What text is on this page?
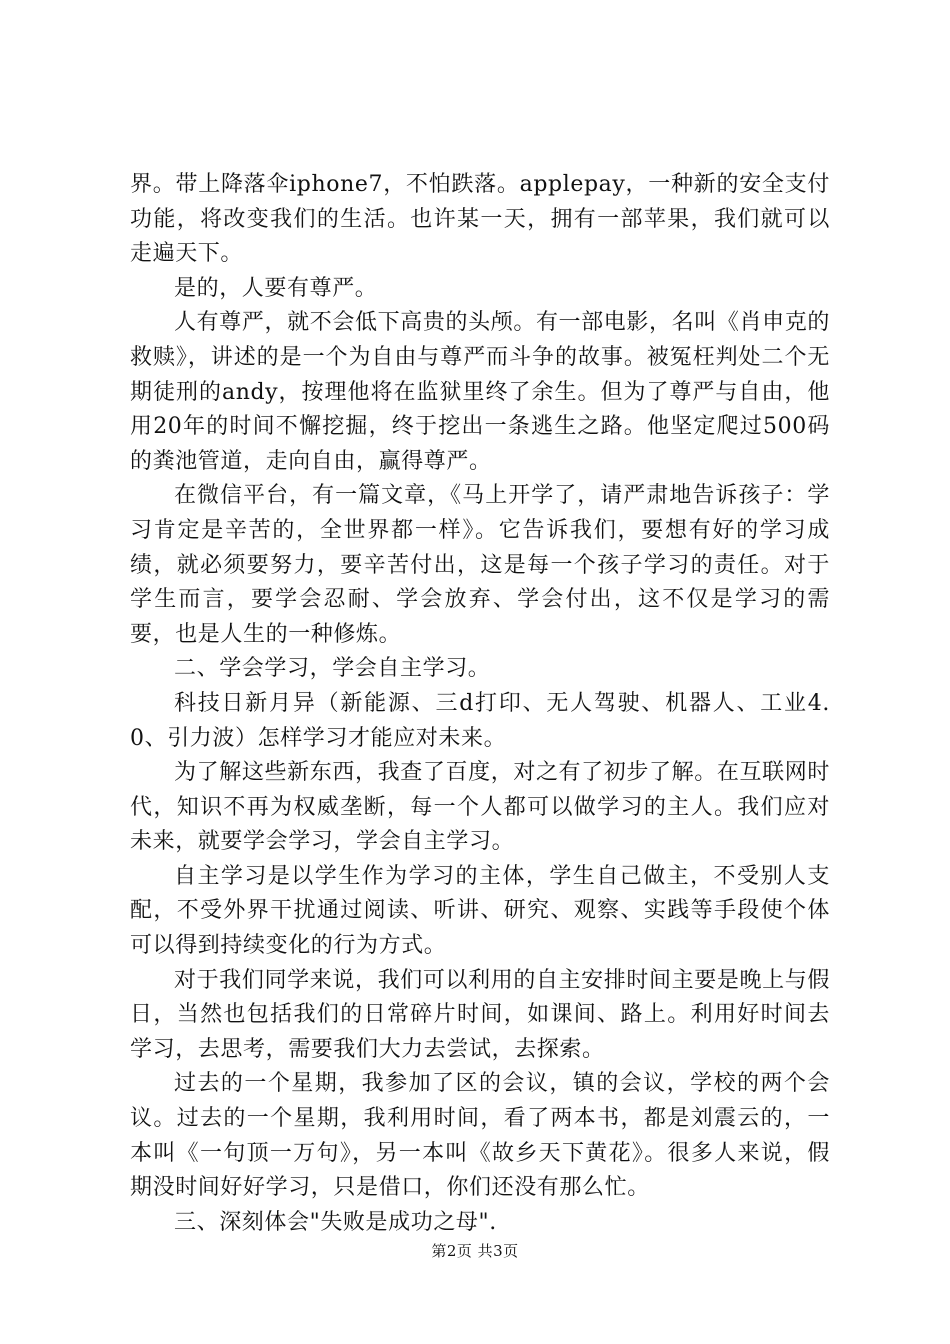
界。带上降落伞iphone7，不怕跌落。applepay，一种新的安全支付功能，将改变我们的生活。也许某一天，拥有一部苹果，我们就可以走遍天下。

是的，人要有尊严。

人有尊严，就不会低下高贵的头颅。有一部电影，名叫《肖申克的救赎》，讲述的是一个为自由与尊严而斗争的故事。被冤枉判处二个无期徒刑的andy，按理他将在监狱里终了余生。但为了尊严与自由，他用20年的时间不懈挖掘，终于挖出一条逃生之路。他坚定爬过500码的粪池管道，走向自由，赢得尊严。

在微信平台，有一篇文章，《马上开学了，请严肃地告诉孩子：学习肯定是辛苦的，全世界都一样》。它告诉我们，要想有好的学习成绩，就必须要努力，要辛苦付出，这是每一个孩子学习的责任。对于学生而言，要学会忍耐、学会放弃、学会付出，这不仅是学习的需要，也是人生的一种修炼。

二、学会学习，学会自主学习。

科技日新月异（新能源、三d打印、无人驾驶、机器人、工业4.0、引力波）怎样学习才能应对未来。

为了解这些新东西，我查了百度，对之有了初步了解。在互联网时代，知识不再为权威垄断，每一个人都可以做学习的主人。我们应对未来，就要学会学习，学会自主学习。

自主学习是以学生作为学习的主体，学生自己做主，不受别人支配，不受外界干扰通过阅读、听讲、研究、观察、实践等手段使个体可以得到持续变化的行为方式。

对于我们同学来说，我们可以利用的自主安排时间主要是晚上与假日，当然也包括我们的日常碎片时间，如课间、路上。利用好时间去学习，去思考，需要我们大力去尝试，去探索。

过去的一个星期，我参加了区的会议，镇的会议，学校的两个会议。过去的一个星期，我利用时间，看了两本书，都是刘震云的，一本叫《一句顶一万句》，另一本叫《故乡天下黄花》。很多人来说，假期没时间好好学习，只是借口，你们还没有那么忙。

三、深刻体会"失败是成功之母".

第2页 共3页
